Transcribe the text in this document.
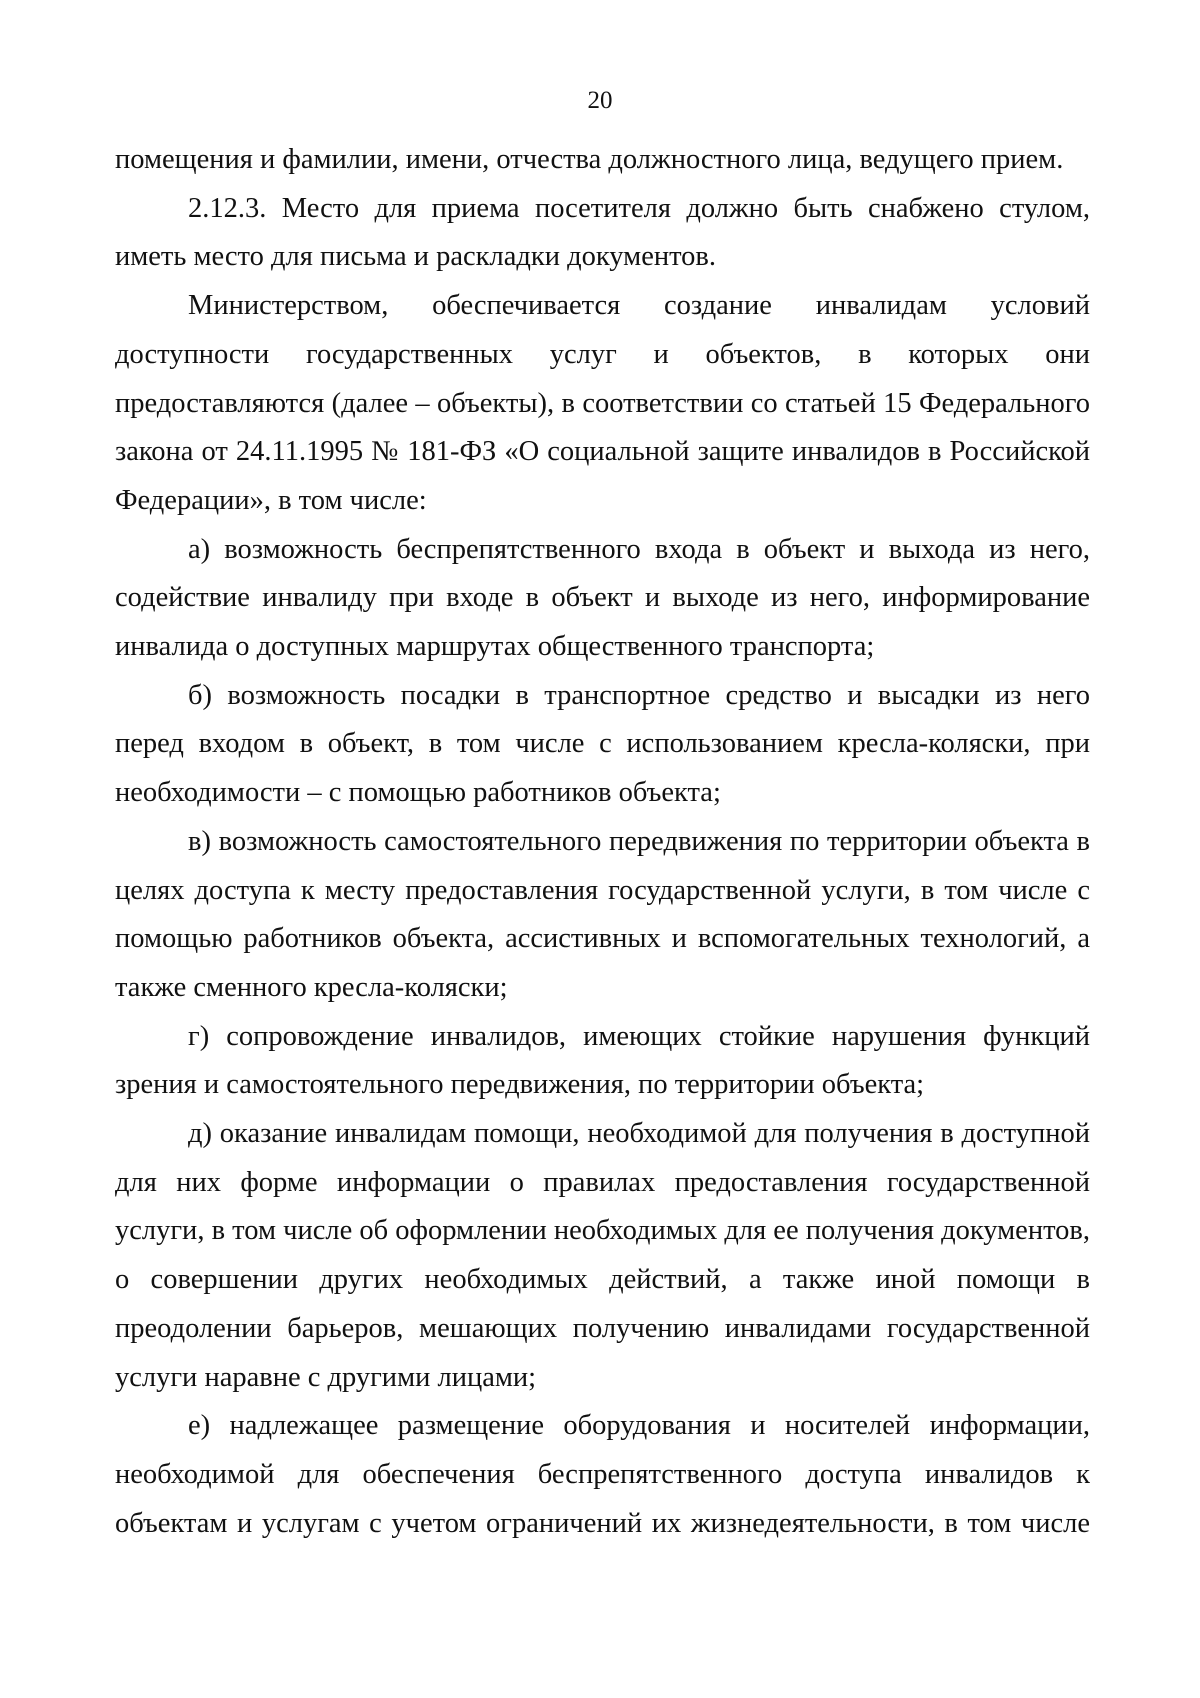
20

помещения и фамилии, имени, отчества должностного лица, ведущего прием.

2.12.3. Место для приема посетителя должно быть снабжено стулом, иметь место для письма и раскладки документов.

Министерством, обеспечивается создание инвалидам условий доступности государственных услуг и объектов, в которых они предоставляются (далее – объекты), в соответствии со статьей 15 Федерального закона от 24.11.1995 № 181-ФЗ «О социальной защите инвалидов в Российской Федерации», в том числе:

а) возможность беспрепятственного входа в объект и выхода из него, содействие инвалиду при входе в объект и выходе из него, информирование инвалида о доступных маршрутах общественного транспорта;

б) возможность посадки в транспортное средство и высадки из него перед входом в объект, в том числе с использованием кресла-коляски, при необходимости – с помощью работников объекта;

в) возможность самостоятельного передвижения по территории объекта в целях доступа к месту предоставления государственной услуги, в том числе с помощью работников объекта, ассистивных и вспомогательных технологий, а также сменного кресла-коляски;

г) сопровождение инвалидов, имеющих стойкие нарушения функций зрения и самостоятельного передвижения, по территории объекта;

д) оказание инвалидам помощи, необходимой для получения в доступной для них форме информации о правилах предоставления государственной услуги, в том числе об оформлении необходимых для ее получения документов, о совершении других необходимых действий, а также иной помощи в преодолении барьеров, мешающих получению инвалидами государственной услуги наравне с другими лицами;

е) надлежащее размещение оборудования и носителей информации, необходимой для обеспечения беспрепятственного доступа инвалидов к объектам и услугам с учетом ограничений их жизнедеятельности, в том числе
